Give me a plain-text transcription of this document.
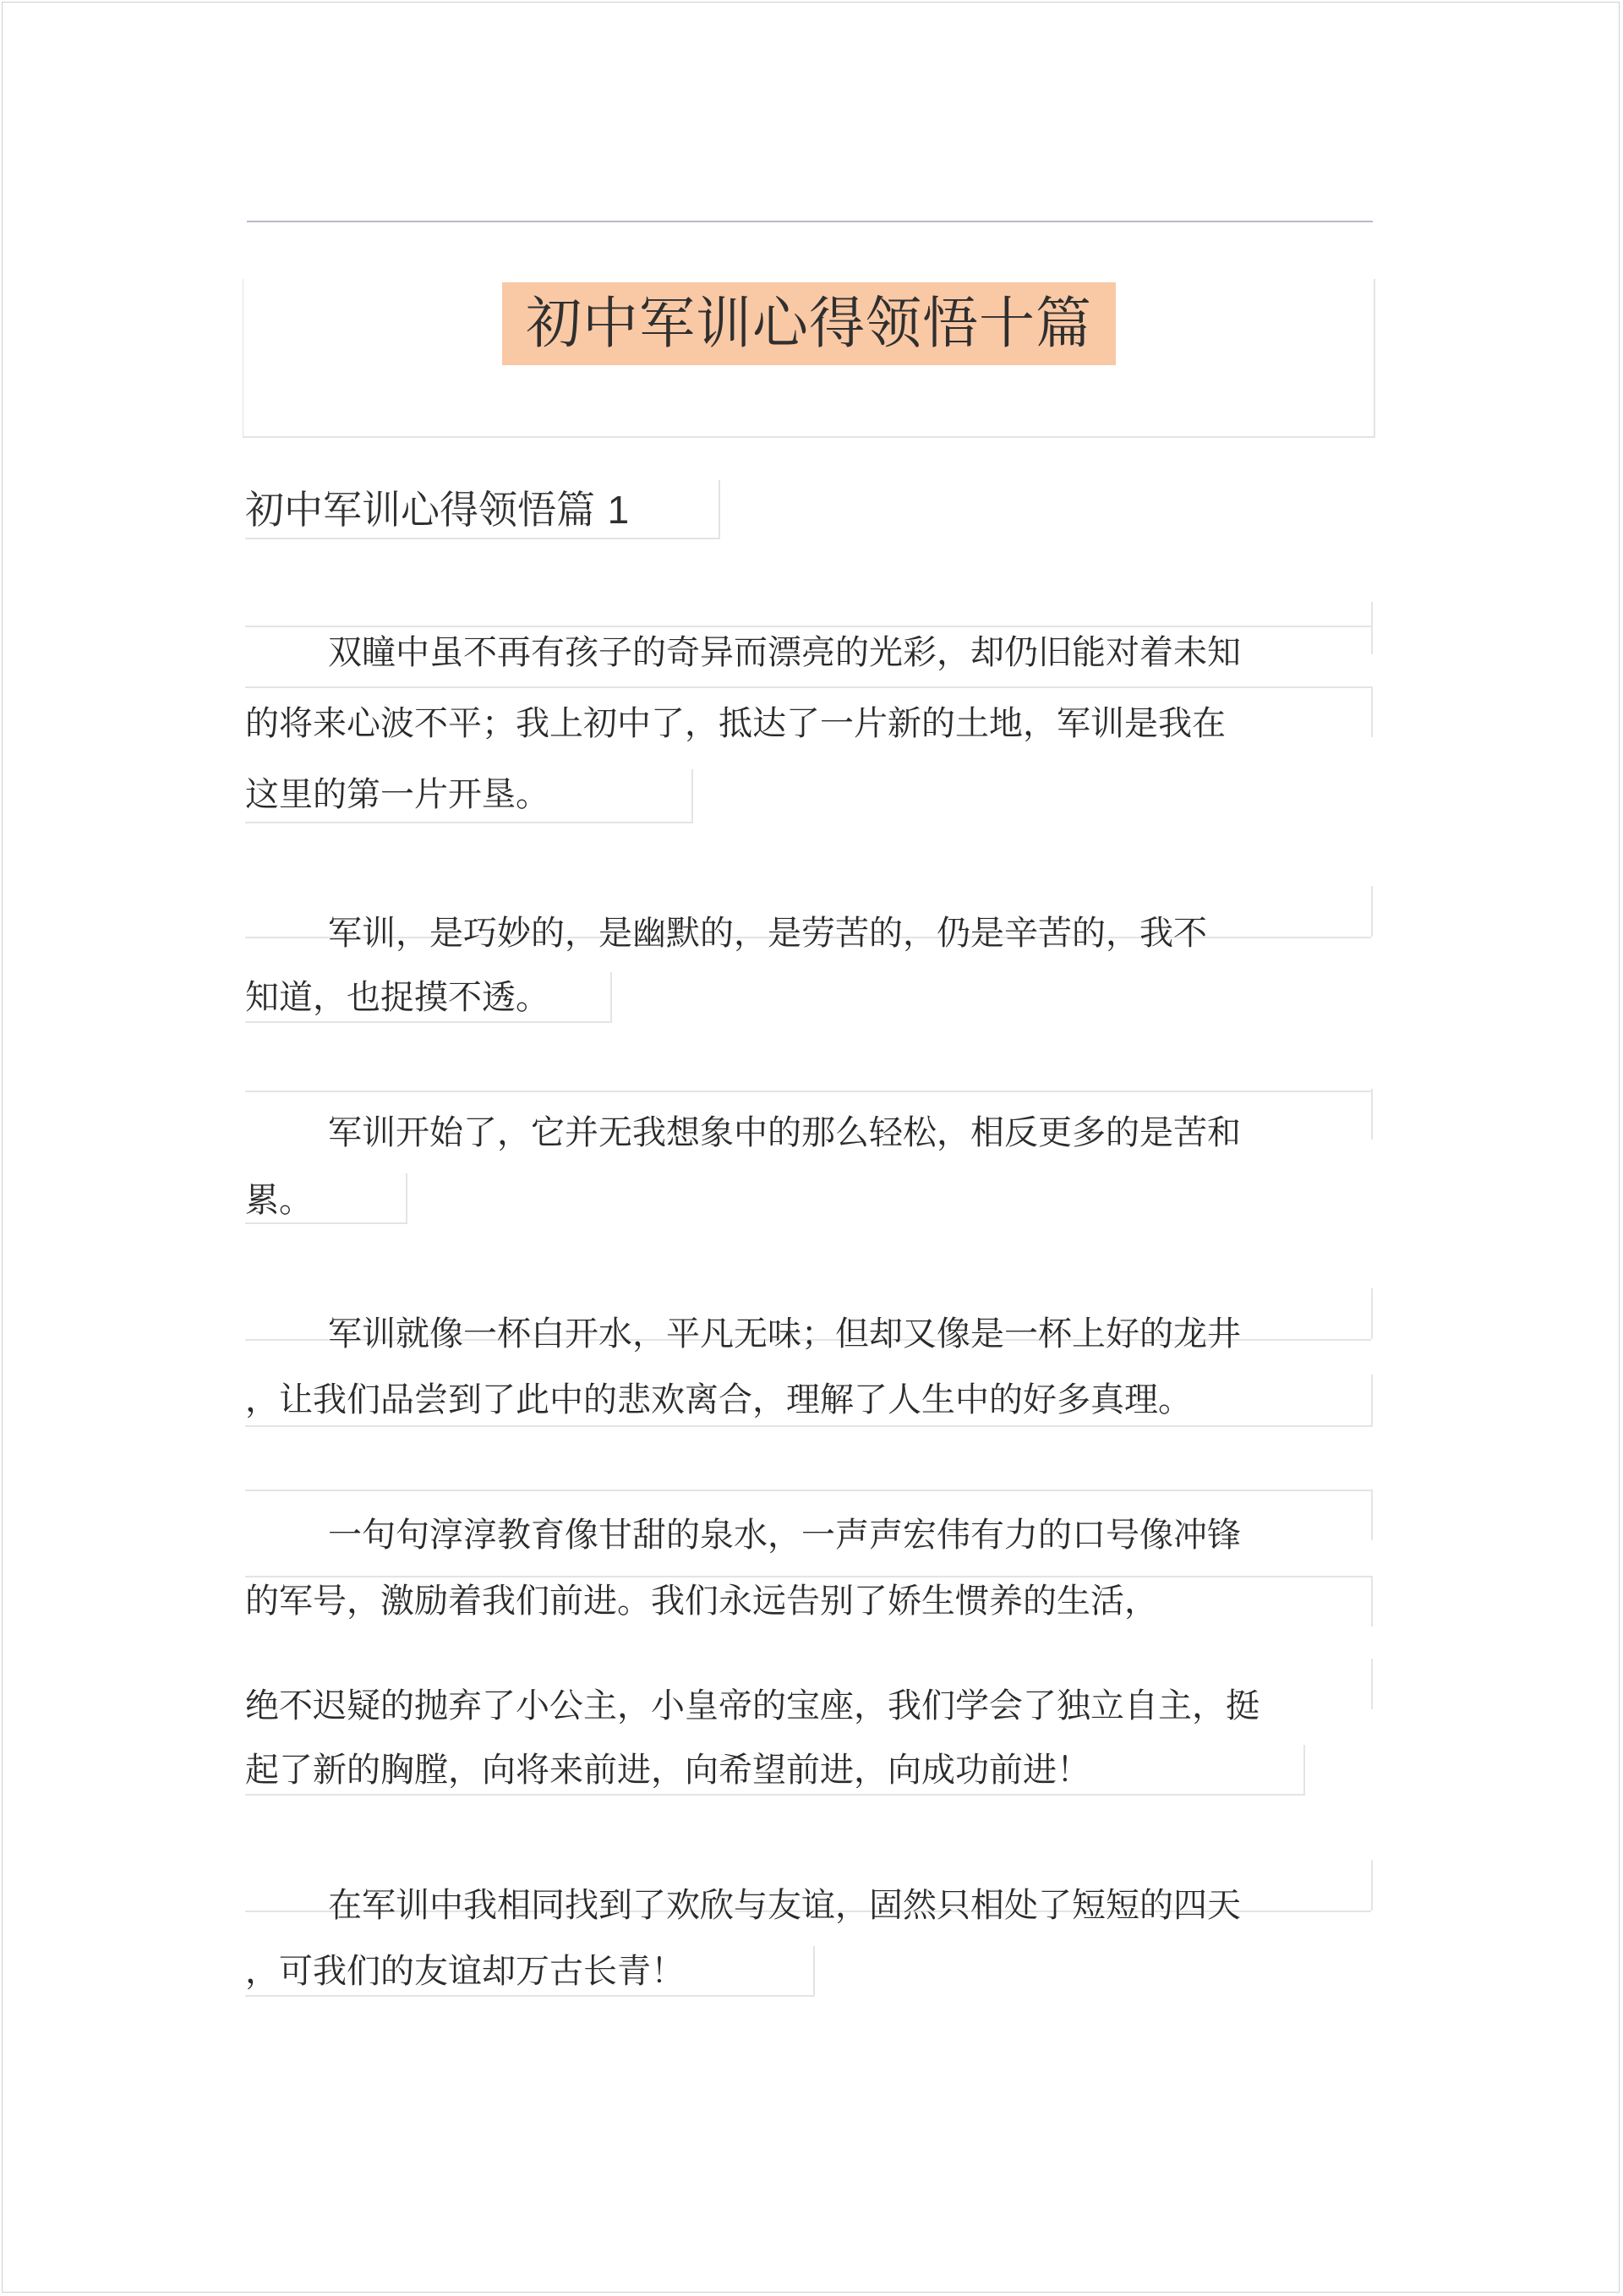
初中军训心得领悟十篇
初中军训心得领悟篇 1
双瞳中虽不再有孩子的奇异而漂亮的光彩，却仍旧能对着未知
的将来心波不平；我上初中了，抵达了一片新的土地，军训是我在
这里的第一片开垦。
军训，是巧妙的，是幽默的，是劳苦的，仍是辛苦的，我不
知道，也捉摸不透。
军训开始了，它并无我想象中的那么轻松，相反更多的是苦和
累。
军训就像一杯白开水，平凡无味；但却又像是一杯上好的龙井
，让我们品尝到了此中的悲欢离合，理解了人生中的好多真理。
一句句淳淳教育像甘甜的泉水，一声声宏伟有力的口号像冲锋
的军号，激励着我们前进。我们永远告别了娇生惯养的生活，
绝不迟疑的抛弃了小公主，小皇帝的宝座，我们学会了独立自主，挺
起了新的胸膛，向将来前进，向希望前进，向成功前进！
在军训中我相同找到了欢欣与友谊，固然只相处了短短的四天
，可我们的友谊却万古长青！
